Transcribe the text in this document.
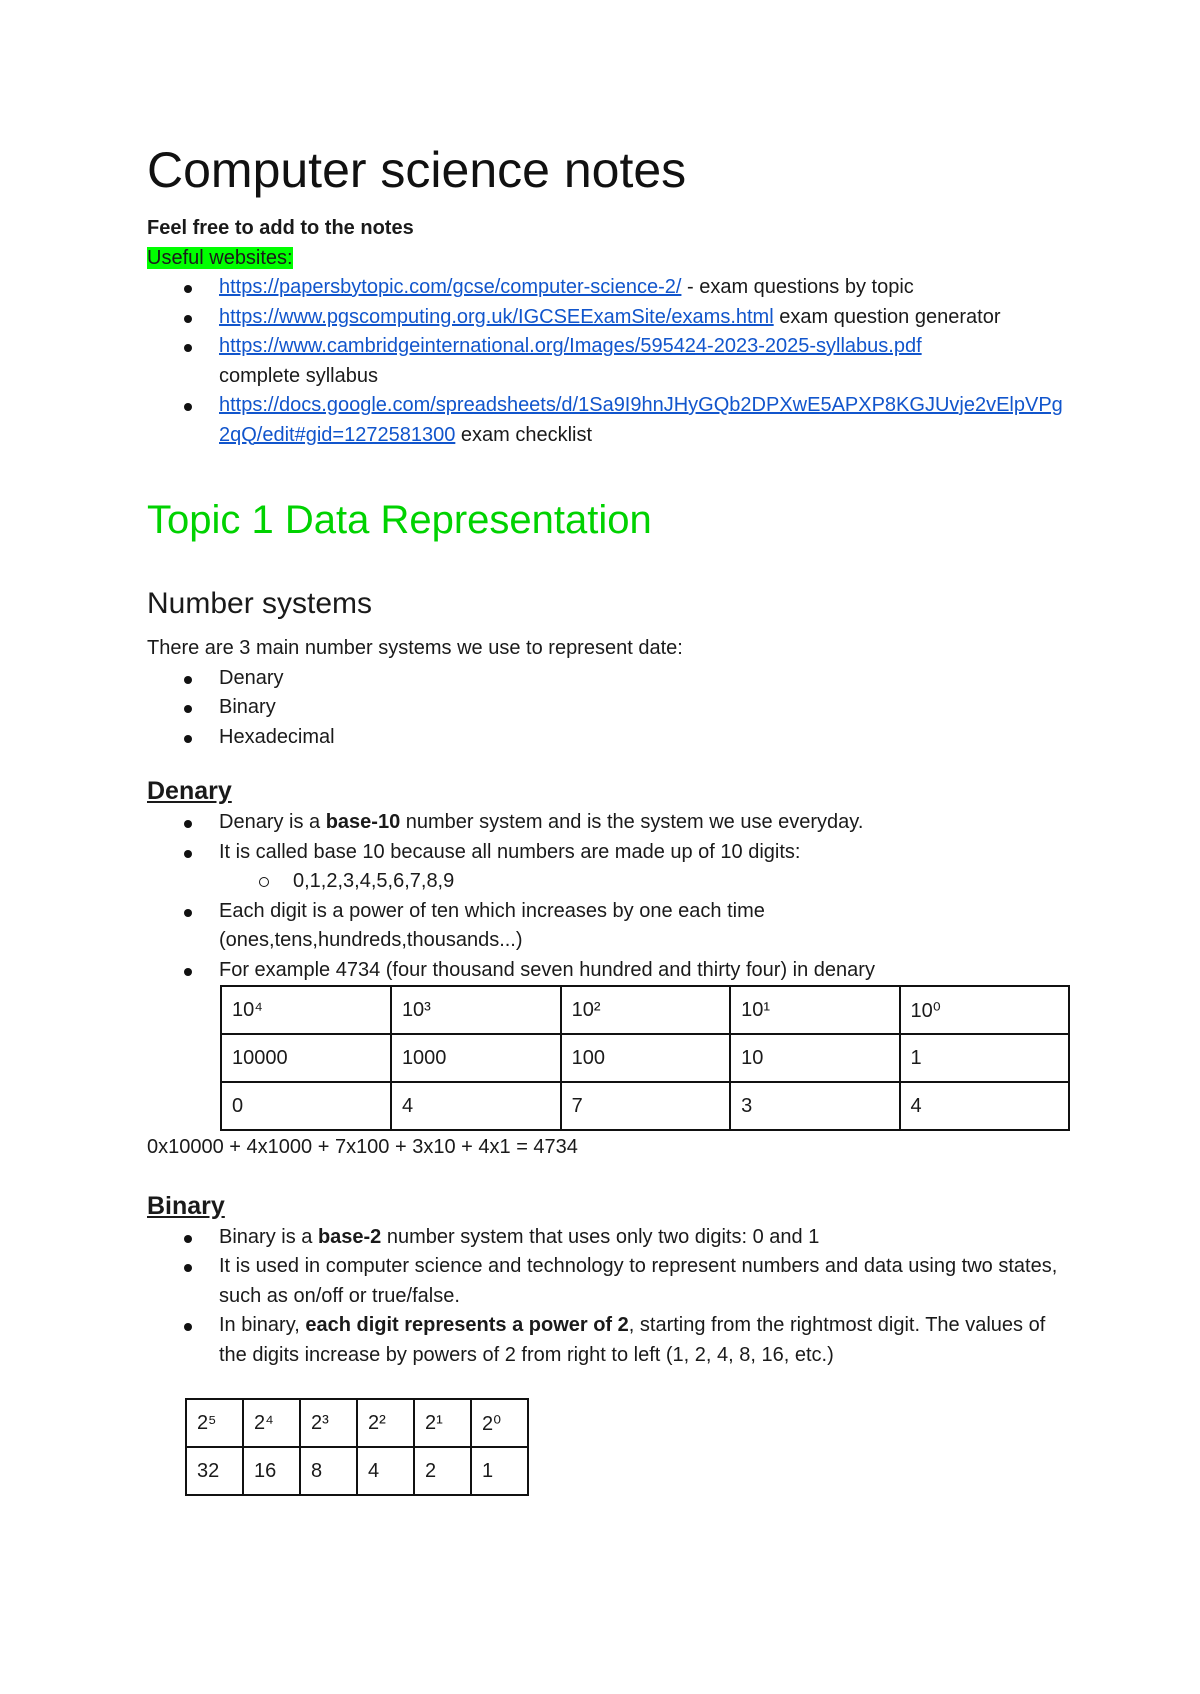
Computer science notes

Feel free to add to the notes

Useful websites:

https://papersbytopic.com/gcse/computer-science-2/ - exam questions by topic
https://www.pgscomputing.org.uk/IGCSEExamSite/exams.html exam question generator
https://www.cambridgeinternational.org/Images/595424-2023-2025-syllabus.pdf
complete syllabus
https://docs.google.com/spreadsheets/d/1Sa9I9hnJHyGQb2DPXwE5APXP8KGJUvje2vElpVPg2qQ/edit#gid=1272581300 exam checklist
Topic 1 Data Representation
Number systems

There are 3 main number systems we use to represent date:

Denary
Binary
Hexadecimal
Denary
Denary is a base-10 number system and is the system we use everyday.
It is called base 10 because all numbers are made up of 10 digits:
0,1,2,3,4,5,6,7,8,9
Each digit is a power of ten which increases by one each time (ones,tens,hundreds,thousands...)
For example 4734 (four thousand seven hundred and thirty four) in denary
10⁴	10³	10²	10¹	10⁰
10000	1000	100	10	1
0	4	7	3	4

0x10000 + 4x1000 + 7x100 + 3x10 + 4x1 = 4734

Binary
Binary is a base-2 number system that uses only two digits: 0 and 1
It is used in computer science and technology to represent numbers and data using two states, such as on/off or true/false.
In binary, each digit represents a power of 2, starting from the rightmost digit. The values of the digits increase by powers of 2 from right to left (1, 2, 4, 8, 16, etc.)
2⁵	2⁴	2³	2²	2¹	2⁰
32	16	8	4	2	1
